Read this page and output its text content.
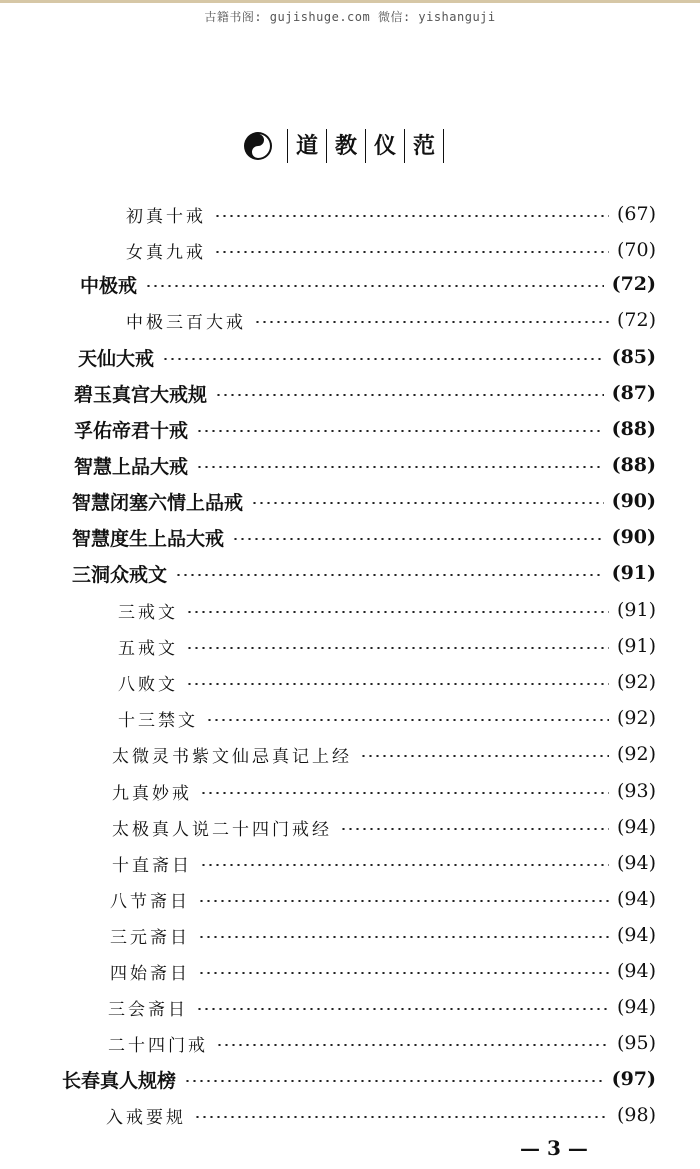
古籍书阁: gujishuge.com 微信: yishanguji
道 教 仪 范
初真十戒	(67)
女真九戒	(70)
中极戒	(72)
中极三百大戒	(72)
天仙大戒	(85)
碧玉真宫大戒规	(87)
孚佑帝君十戒	(88)
智慧上品大戒	(88)
智慧闭塞六情上品戒	(90)
智慧度生上品大戒	(90)
三洞众戒文	(91)
三戒文	(91)
五戒文	(91)
八败文	(92)
十三禁文	(92)
太微灵书紫文仙忌真记上经	(92)
九真妙戒	(93)
太极真人说二十四门戒经	(94)
十直斋日	(94)
八节斋日	(94)
三元斋日	(94)
四始斋日	(94)
三会斋日	(94)
二十四门戒	(95)
长春真人规榜	(97)
入戒要规	(98)
— 3 —
